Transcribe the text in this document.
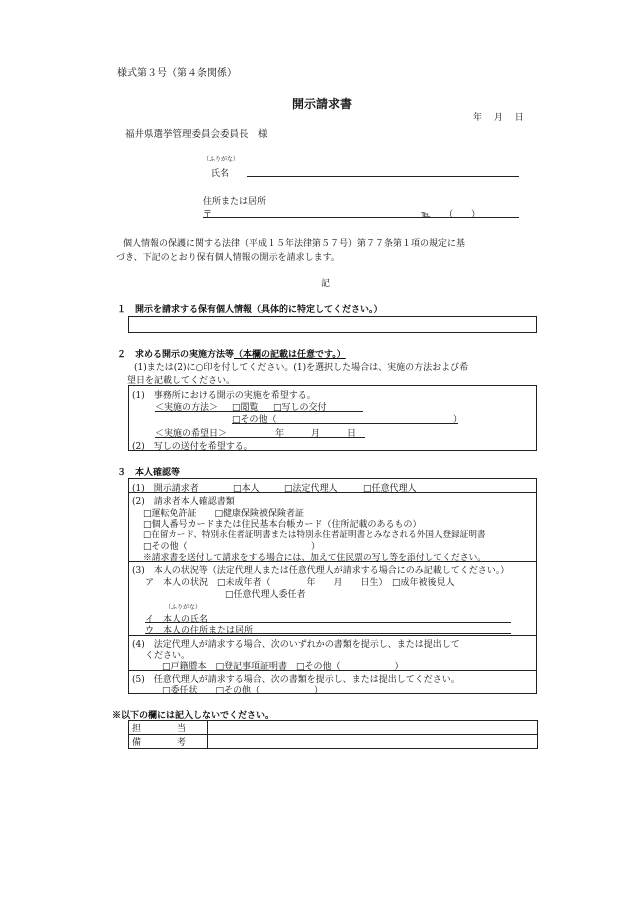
様式第３号（第４条関係）
開示請求書
年　 月　 日
福井県選挙管理委員会委員長　様
（ふりがな）
氏名
住所または居所
〒	℡　　（　　）
個人情報の保護に関する法律（平成１５年法律第５７号）第７７条第１項の規定に基
づき、下記のとおり保有個人情報の開示を請求します。
記
１　開示を請求する保有個人情報（具体的に特定してください。）
２　求める開示の実施方法等（本欄の記載は任意です。）
(1)または(2)に○印を付してください。(1)を選択した場合は、実施の方法および希
望日を記載してください。
(1)　事務所における開示の実施を希望する。
＜実施の方法＞ □閲覧 □写しの交付
□その他（	）
＜実施の希望日＞	年　　　月　　　日
(2)　写しの送付を希望する。
３　本人確認等
(1)　開示請求者	□本人	□法定代理人	□任意代理人
(2)　請求者本人確認書類
□運転免許証　　□健康保険被保険者証
□個人番号カードまたは住民基本台帳カード（住所記載のあるもの）
□在留カード、特別永住者証明書または特別永住者証明書とみなされる外国人登録証明書
□その他（	）
※請求書を送付して請求をする場合には、加えて住民票の写し等を添付してください。
(3)　本人の状況等（法定代理人または任意代理人が請求する場合にのみ記載してください。）
ア　本人の状況　□未成年者（　　　　年　　月　　日生）　□成年被後見人
□任意代理人委任者
（ふりがな）
イ　本人の氏名
ウ　本人の住所または居所
(4)　法定代理人が請求する場合、次のいずれかの書類を提示し、または提出して
ください。
□戸籍謄本　□登記事項証明書　□その他（　　　　　　）
(5)　任意代理人が請求する場合、次の書類を提示し、または提出してください。
□委任状　　□その他（　　　　　　）
※以下の欄には記入しないでください。
担　　　　当	
備　　　　考	
